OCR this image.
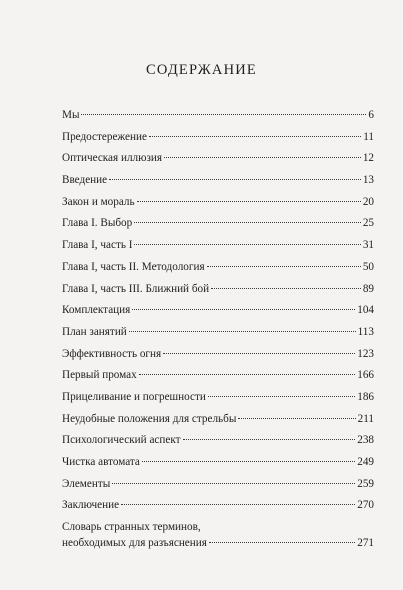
СОДЕРЖАНИЕ
Мы	6
Предостережение	11
Оптическая иллюзия	12
Введение	13
Закон и мораль	20
Глава I. Выбор	25
Глава I, часть I	31
Глава I, часть II. Методология	50
Глава I, часть III. Ближний бой	89
Комплектация	104
План занятий	113
Эффективность огня	123
Первый промах	166
Прицеливание и погрешности	186
Неудобные положения для стрельбы	211
Психологический аспект	238
Чистка автомата	249
Элементы	259
Заключение	270
Словарь странных терминов,
необходимых для разъяснения	271
